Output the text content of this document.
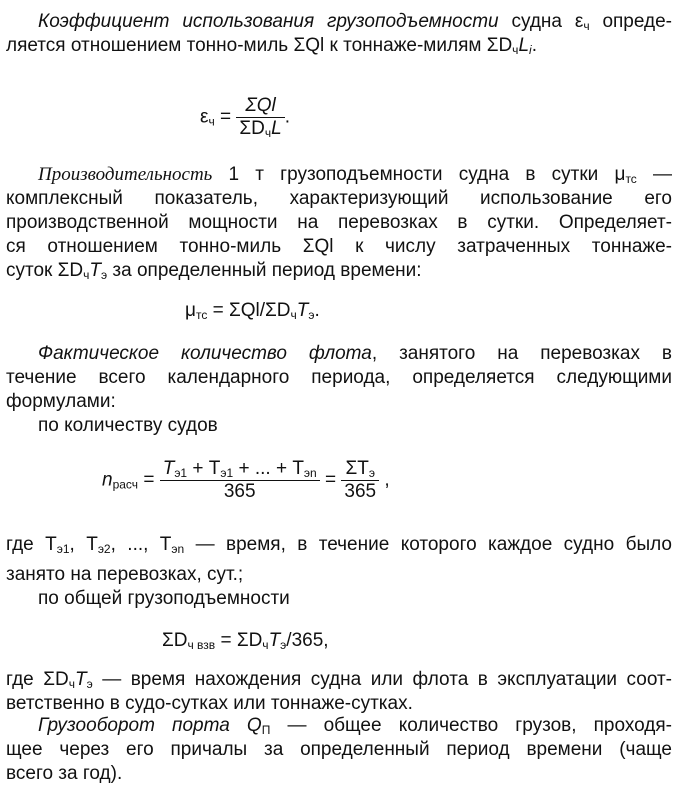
Коэффициент использования грузоподъемности судна $\varepsilon_ч$ опреде-
ляется отношением тонно-миль ΣQl к тоннаже-милям $\Sigma D_чL_i$.
$\varepsilon_ч = \frac{\text{ΣQl}}{\Sigma D_чL}$ .
Производительность 1 т грузоподъемности судна в сутки $\mu_{тс}$ —
комплексный показатель, характеризующий использование его
производственной мощности на перевозках в сутки. Определяет-
ся отношением тонно-миль ΣQl к числу затраченных тоннаже-
суток $\Sigma D_чT_э$ за определенный период времени:
$\mu_{тс} = \Sigma Ql/\Sigma D_чT_э$.
Фактическое количество флота, занятого на перевозках в
течение всего календарного периода, определяется следующими
формулами:
по количеству судов
$n_{расч} = \frac{T_{э1} + T_{э1} + ... + T_{эn}}{365} = \frac{\Sigma T_э}{365}$ ,
где $T_{э1}$, $T_{э2}$, ..., $T_{эn}$ — время, в течение которого каждое судно было
занято на перевозках, сут.;
по общей грузоподъемности
$\Sigma D_{ч взв} = \Sigma D_чT_э/365$,
где $\Sigma D_чT_э$ — время нахождения судна или флота в эксплуатации соот-
ветственно в судо-сутках или тоннаже-сутках.
Грузооборот порта $Q_П$ — общее количество грузов, проходя-
щее через его причалы за определенный период времени (чаще
всего за год).
